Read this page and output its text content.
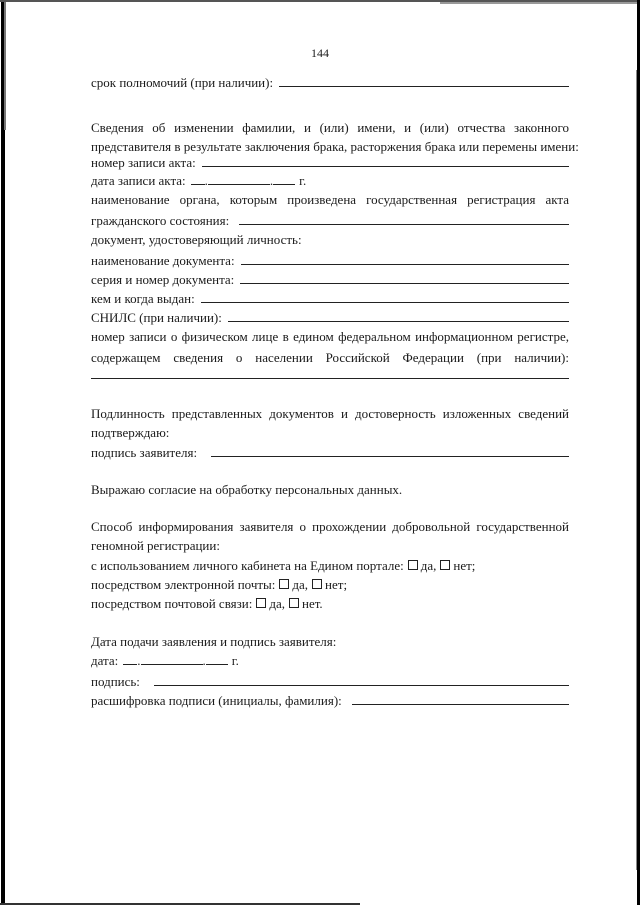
144
срок полномочий (при наличии):
Сведения об изменении фамилии, и (или) имени, и (или) отчества законного
представителя в результате заключения брака, расторжения брака или перемены имени:
номер записи акта:
дата записи акта: .	. г.
наименование органа, которым произведена государственная регистрация акта
гражданского состояния:
документ, удостоверяющий личность:
наименование документа:
серия и номер документа:
кем и когда выдан:
СНИЛС (при наличии):
номер записи о физическом лице в едином федеральном информационном регистре,
содержащем сведения о населении Российской Федерации (при наличии):
Подлинность представленных документов и достоверность изложенных сведений
подтверждаю:
подпись заявителя:
Выражаю согласие на обработку персональных данных.
Способ информирования заявителя о прохождении добровольной государственной
геномной регистрации:
с использованием личного кабинета на Едином портале: да, нет;
посредством электронной почты: да, нет;
посредством почтовой связи: да, нет.
Дата подачи заявления и подпись заявителя:
дата: .	. г.
подпись:
расшифровка подписи (инициалы, фамилия):
